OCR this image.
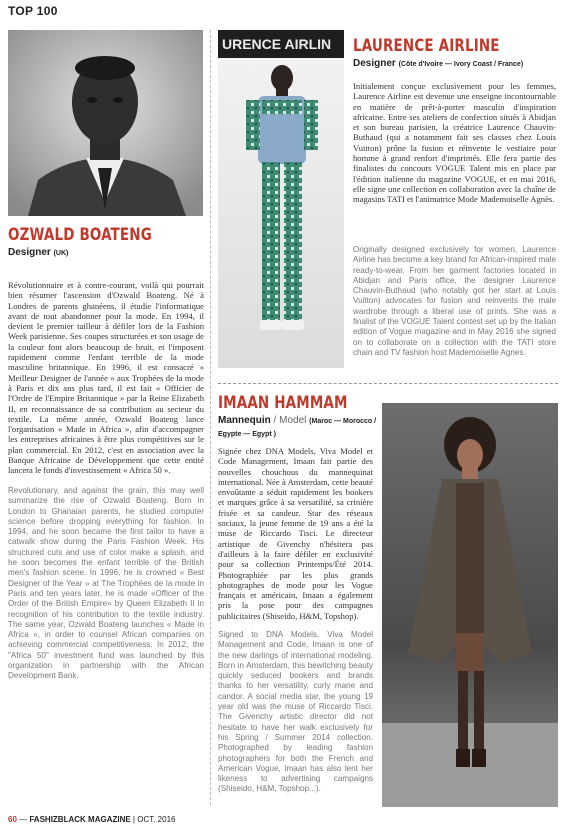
TOP 100
OZWALD BOATENG
Designer (UK)

Révolutionnaire et à contre-courant, voilà qui pourrait bien résumer l'ascension d'Ozwald Boateng. Né à Londres de parents ghanéens, il étudie l'informatique avant de tout abandonner pour la mode. En 1994, il devient le premier tailleur à défiler lors de la Fashion Week parisienne. Ses coupes structurées et son usage de la couleur font alors beaucoup de bruit, et l'imposent rapidement comme l'enfant terrible de la mode masculine britannique. En 1996, il est consacré « Meilleur Designer de l'année » aux Trophées de la mode à Paris et dix ans plus tard, il est fait « Officier de l'Ordre de l'Empire Britannique » par la Reine Elizabeth II, en reconnaissance de sa contribution au secteur du textile. La même année, Ozwald Boateng lance l'organisation « Made in Africa », afin d'accompagner les entreprises africaines à être plus compétitives sur le plan commercial. En 2012, c'est en association avec la Banque Africaine de Développement que cette entité lancera le fonds d'investissement « Africa 50 ».

Revolutionary, and against the grain, this may well summarize the rise of Ozwald Boateng. Born in London to Ghanaian parents, he studied computer science before dropping everything for fashion. In 1994, and he soon became the first tailor to have a catwalk show during the Paris Fashion Week. His structured cuts and use of color make a splash, and he soon becomes the enfant terrible of the British men's fashion scene. In 1996, he is crowned « Best Designer of the Year » at The Trophées de la mode in Paris and ten years later, he is made «Officer of the Order of the British Empire» by Queen Elizabeth II in recognition of his contribution to the textile industry. The same year, Ozwald Boateng launches « Made in Africa », in order to counsel African companies on achieving commercial competitiveness. In 2012, the "Africa 50" investment fund was launched by this organization in partnership with the African Development Bank.

URENCE AIRLIN LAURENCE AIRLINE
Designer (Côte d'Ivoire — Ivory Coast / France)

Initialement conçue exclusivement pour les femmes, Laurence Airline est devenue une enseigne incontournable en matière de prêt-à-porter masculin d'inspiration africaine. Entre ses ateliers de confection situés à Abidjan et son bureau parisien, la créatrice Laurence Chauvin-Buthaud (qui a notamment fait ses classes chez Louis Vuitton) prône la fusion et réinvente le vestiaire pour homme à grand renfort d'imprimés. Elle fera partie des finalistes du concours VOGUE Talent mis en place par l'édition italienne du magazine VOGUE, et en mai 2016, elle signe une collection en collaboration avec la chaîne de magasins TATI et l'animatrice Mode Mademoiselle Agnès.

Originally designed exclusively for women, Laurence Airline has become a key brand for African-inspired male ready-to-wear. From her garment factories located in Abidjan and Paris office, the designer Laurence Chauvin-Buthaud (who notably got her start at Louis Vuitton) advocates for fusion and reinvents the male wardrobe through a liberal use of prints. She was a finalist of the VOGUE Talent contest set up by the Italian edition of Vogue magazine and in May 2016 she signed on to collaborate on a collection with the TATI store chain and TV fashion host Mademoiselle Agnes.

IMAAN HAMMAM
Mannequin / Model (Maroc — Morocco / Egypte — Egypt )

Signée chez DNA Models, Viva Model et Code Management, Imaan fait partie des nouvelles chouchous du mannequinat international. Née à Amsterdam, cette beauté envoûtante a séduit rapidement les bookers et marques grâce à sa versatilité, sa crinière frisée et sa candeur. Star des réseaux sociaux, la jeune femme de 19 ans a été la muse de Riccardo Tisci. Le directeur artistique de Givenchy n'hésitera pas d'ailleurs à la faire défiler en exclusivité pour sa collection Printemps/Été 2014. Photographiée par les plus grands photographes de mode pour les Vogue français et américain, Imaan a également pris la pose pour des campagnes publicitaires (Shiseido, H&M, Topshop).

Signed to DNA Models, Viva Model Management and Code, Imaan is one of the new darlings of international modeling. Born in Amsterdam, this bewitching beauty quickly seduced bookers and brands thanks to her versatility, curly mane and candor. A social media star, the young 19 year old was the muse of Riccardo Tisci. The Givenchy artistic director did not hesitate to have her walk exclusively for his Spring / Summer 2014 collection. Photographed by leading fashion photographers for both the French and American Vogue, Imaan has also lent her likeness to advertising campaigns (Shiseido, H&M, Topshop...).

60 — FASHIZBLACK MAGAZINE | OCT. 2016
